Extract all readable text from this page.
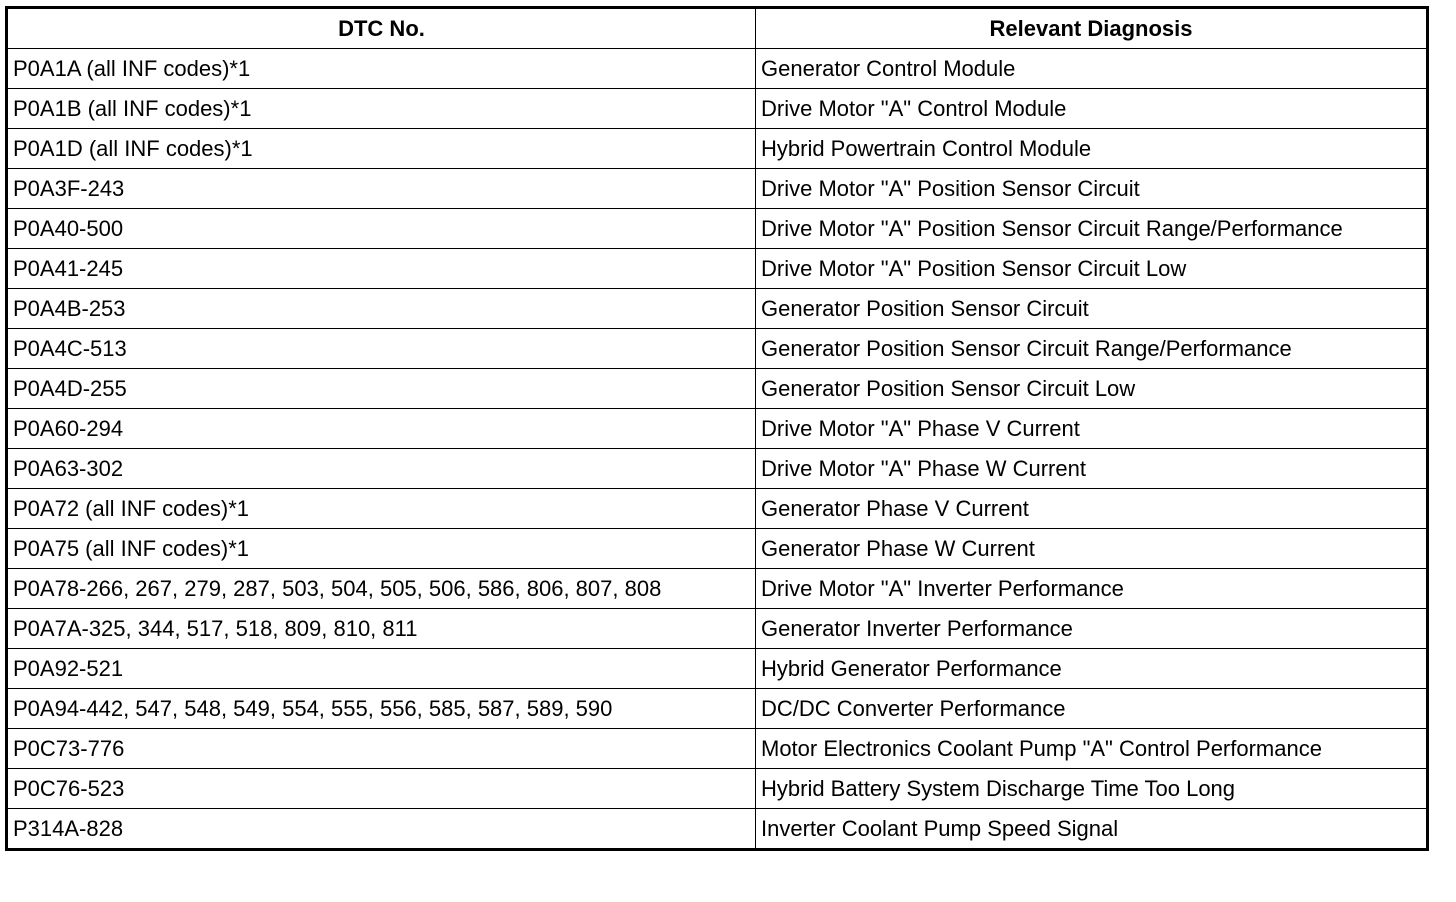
DTC No.	Relevant Diagnosis
P0A1A (all INF codes)*1	Generator Control Module
P0A1B (all INF codes)*1	Drive Motor "A" Control Module
P0A1D (all INF codes)*1	Hybrid Powertrain Control Module
P0A3F-243	Drive Motor "A" Position Sensor Circuit
P0A40-500	Drive Motor "A" Position Sensor Circuit Range/Performance
P0A41-245	Drive Motor "A" Position Sensor Circuit Low
P0A4B-253	Generator Position Sensor Circuit
P0A4C-513	Generator Position Sensor Circuit Range/Performance
P0A4D-255	Generator Position Sensor Circuit Low
P0A60-294	Drive Motor "A" Phase V Current
P0A63-302	Drive Motor "A" Phase W Current
P0A72 (all INF codes)*1	Generator Phase V Current
P0A75 (all INF codes)*1	Generator Phase W Current
P0A78-266, 267, 279, 287, 503, 504, 505, 506, 586, 806, 807, 808	Drive Motor "A" Inverter Performance
P0A7A-325, 344, 517, 518, 809, 810, 811	Generator Inverter Performance
P0A92-521	Hybrid Generator Performance
P0A94-442, 547, 548, 549, 554, 555, 556, 585, 587, 589, 590	DC/DC Converter Performance
P0C73-776	Motor Electronics Coolant Pump "A" Control Performance
P0C76-523	Hybrid Battery System Discharge Time Too Long
P314A-828	Inverter Coolant Pump Speed Signal
